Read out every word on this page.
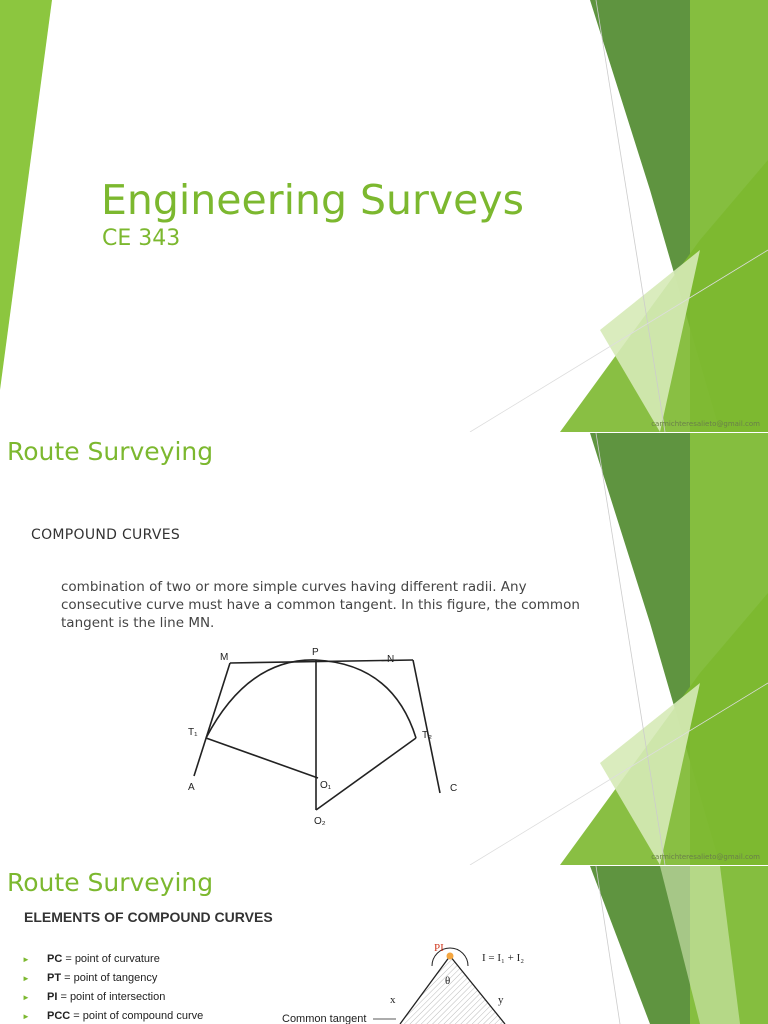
Engineering Surveys
CE 343
carmichteresalieto@gmail.com
Route Surveying
COMPOUND CURVES
combination of two or more simple curves having different radii. Any consecutive curve must have a common tangent. In this figure, the common tangent is the line MN.
M	P
N
T₁	T₂
A	C
O₁
O₂
carmichteresalieto@gmail.com
Route Surveying
ELEMENTS OF COMPOUND CURVES
► PC = point of curvature
► PT = point of tangency
► PI = point of intersection
► PCC = point of compound curve
PI
I = I₁ + I₂
θ
x	y
Common tangent
